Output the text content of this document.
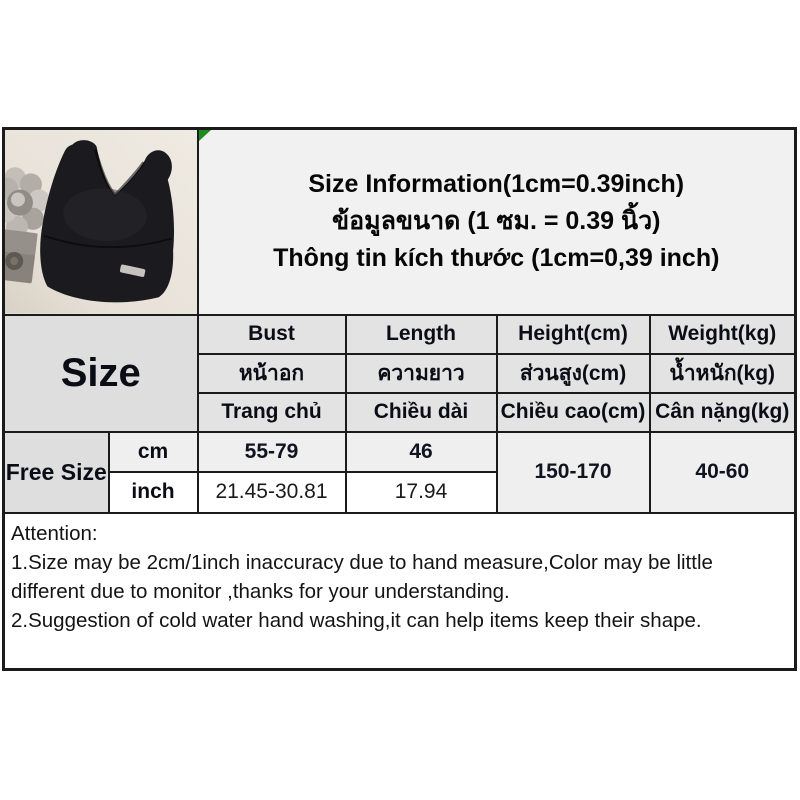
Size Information(1cm=0.39inch)
ข้อมูลขนาด (1 ซม. = 0.39 นิ้ว)
Thông tin kích thước (1cm=0,39 inch)			

Size		Bust	Length	Height(cm)	Weight(kg)
		หน้าอก	ความยาว	ส่วนสูง(cm)	น้ำหนัก(kg)
		Trang chủ	Chiều dài	Chiều cao(cm)	Cân nặng(kg)
Free Size	cm	55-79	46	150-170	40-60
	inch	21.45-30.81	17.94		

Attention:
1.Size may be 2cm/1inch inaccuracy due to hand measure,Color may be little different due to monitor ,thanks for your understanding.
2.Suggestion of cold water hand washing,it can help items keep their shape.					
